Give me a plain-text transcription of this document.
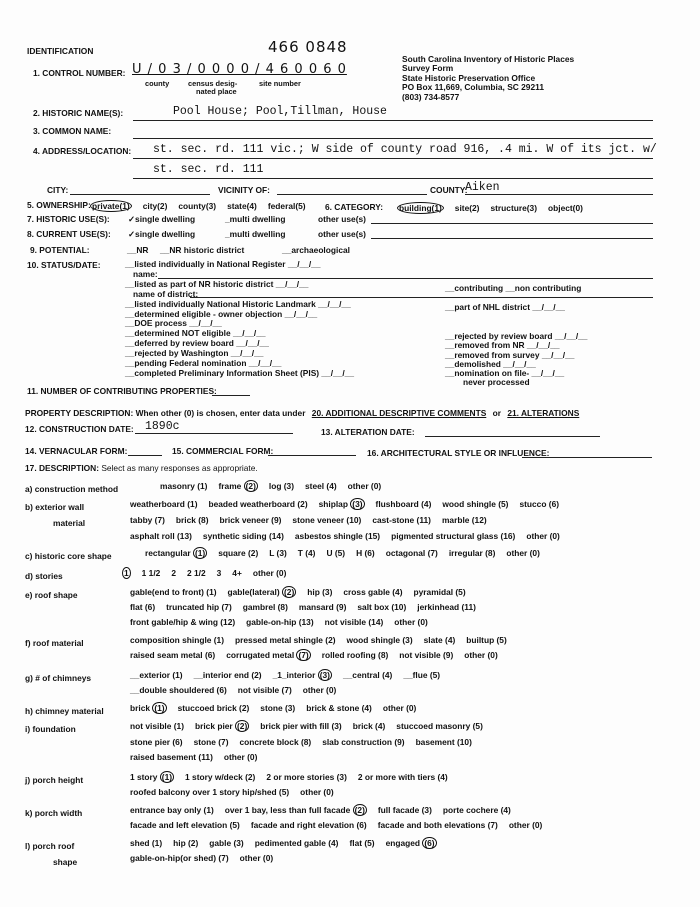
IDENTIFICATION	466 0848
South Carolina Inventory of Historic Places
Survey Form
State Historic Preservation Office
PO Box 11,669, Columbia, SC 29211
(803) 734-8577
1. CONTROL NUMBER: U / 0 3 / 0 0 0 0 / 4 6 0 0 6 0
county	census desig-
nated place
site number
2. HISTORIC NAME(S):	Pool House; Pool,Tillman, House
3. COMMON NAME:
4. ADDRESS/LOCATION: st. sec. rd. 111 vic.; W side of county road 916, .4 mi. W of its jct. w/
st. sec. rd. 111
CITY:	VICINITY OF:	COUNTY:
Aiken
5. OWNERSHIP: private(1) city(2) county(3) state(4) federal(5)	6. CATEGORY: building(1) site(2) structure(3) object(0)
7. HISTORIC USE(S): ✓single dwelling	_multi dwelling	other use(s)
8. CURRENT USE(S): ✓single dwelling	_multi dwelling	other use(s)
9. POTENTIAL:	__NR __NR historic district	__archaeological
10. STATUS/DATE:	__listed individually in National Register __/__/__
name:
__listed as part of NR historic district __/__/__
name of district:
__listed individually National Historic Landmark __/__/__
__determined eligible - owner objection __/__/__
__DOE process __/__/__
__determined NOT eligible __/__/__
__deferred by review board __/__/__
__rejected by Washington __/__/__
__pending Federal nomination __/__/__
__completed Preliminary Information Sheet (PIS) __/__/__
__contributing __non contributing
__part of NHL district __/__/__
__rejected by review board __/__/__
__removed from NR __/__/__
__removed from survey __/__/__
__demolished __/__/__
__nomination on file- __/__/__
never processed
11. NUMBER OF CONTRIBUTING PROPERTIES:
PROPERTY DESCRIPTION: When other (0) is chosen, enter data under 20. ADDITIONAL DESCRIPTIVE COMMENTS or 21. ALTERATIONS
12. CONSTRUCTION DATE: 1890c	13. ALTERATION DATE:
14. VERNACULAR FORM:	15. COMMERCIAL FORM:	16. ARCHITECTURAL STYLE OR INFLUENCE:
17. DESCRIPTION: Select as many responses as appropriate.
a) construction method	masonry (1) frame (2) log (3) steel (4) other (0)
b) exterior wall
material
weatherboard (1) beaded weatherboard (2) shiplap (3) flushboard (4) wood shingle (5) stucco (6)
tabby (7) brick (8) brick veneer (9) stone veneer (10) cast-stone (11) marble (12)
asphalt roll (13) synthetic siding (14) asbestos shingle (15) pigmented structural glass (16) other (0)
c) historic core shape	rectangular (1) square (2) L (3) T (4) U (5) H (6) octagonal (7) irregular (8) other (0)
d) stories	1 1 1/2 2 2 1/2 3 4+ other (0)
e) roof shape	gable(end to front) (1) gable(lateral) (2) hip (3) cross gable (4) pyramidal (5)
flat (6) truncated hip (7) gambrel (8) mansard (9) salt box (10) jerkinhead (11)
front gable/hip & wing (12) gable-on-hip (13) not visible (14) other (0)
f) roof material	composition shingle (1) pressed metal shingle (2) wood shingle (3) slate (4) builtup (5)
raised seam metal (6) corrugated metal (7) rolled roofing (8) not visible (9) other (0)
g) # of chimneys	__exterior (1) __interior end (2) _1_interior (3) __central (4) __flue (5)
__double shouldered (6) not visible (7) other (0)
h) chimney material	brick (1) stuccoed brick (2) stone (3) brick & stone (4) other (0)
i) foundation	not visible (1) brick pier (2) brick pier with fill (3) brick (4) stuccoed masonry (5)
stone pier (6) stone (7) concrete block (8) slab construction (9) basement (10)
raised basement (11) other (0)
j) porch height	1 story (1) 1 story w/deck (2) 2 or more stories (3) 2 or more with tiers (4)
roofed balcony over 1 story hip/shed (5) other (0)
k) porch width	entrance bay only (1) over 1 bay, less than full facade (2) full facade (3) porte cochere (4)
facade and left elevation (5) facade and right elevation (6) facade and both elevations (7) other (0)
l) porch roof
shape
shed (1) hip (2) gable (3) pedimented gable (4) flat (5) engaged (6)
gable-on-hip(or shed) (7) other (0)
